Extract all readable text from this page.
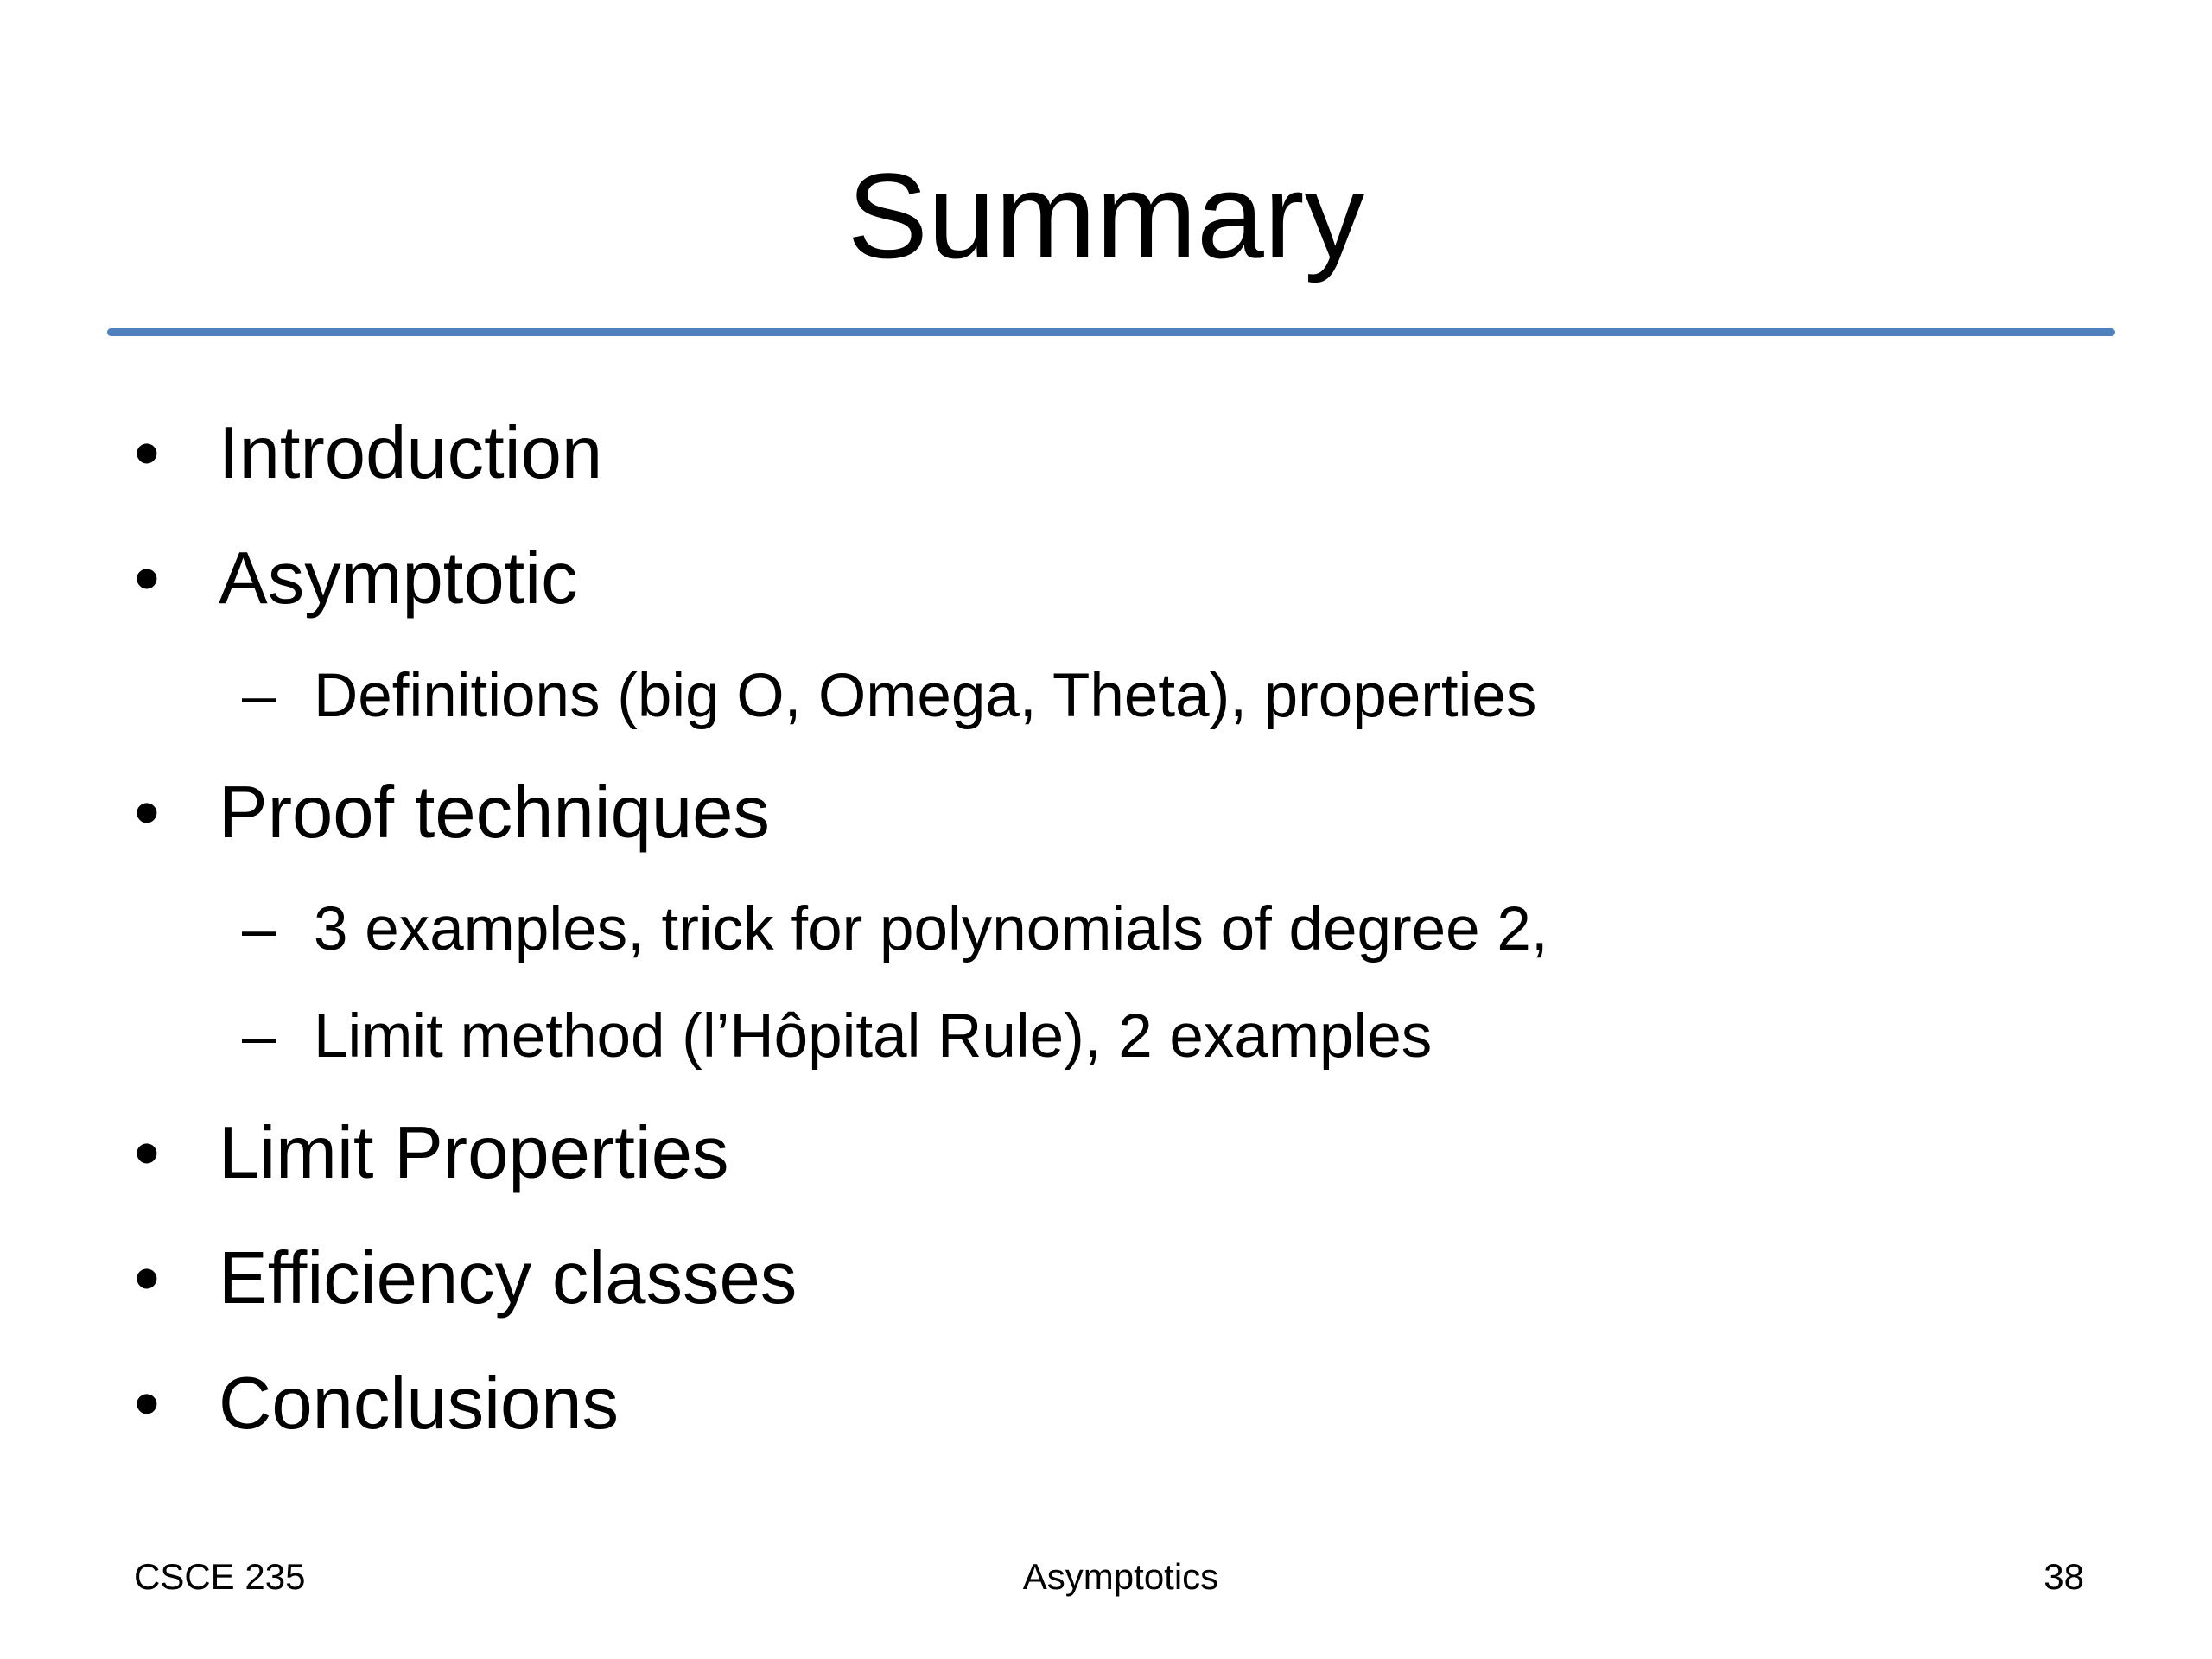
Summary
• Introduction
• Asymptotic
– Definitions (big O, Omega, Theta), properties
• Proof techniques
– 3 examples, trick for polynomials of degree 2,
– Limit method (l’Hôpital Rule), 2 examples
• Limit Properties
• Efficiency classes
• Conclusions
CSCE 235	Asymptotics	38
